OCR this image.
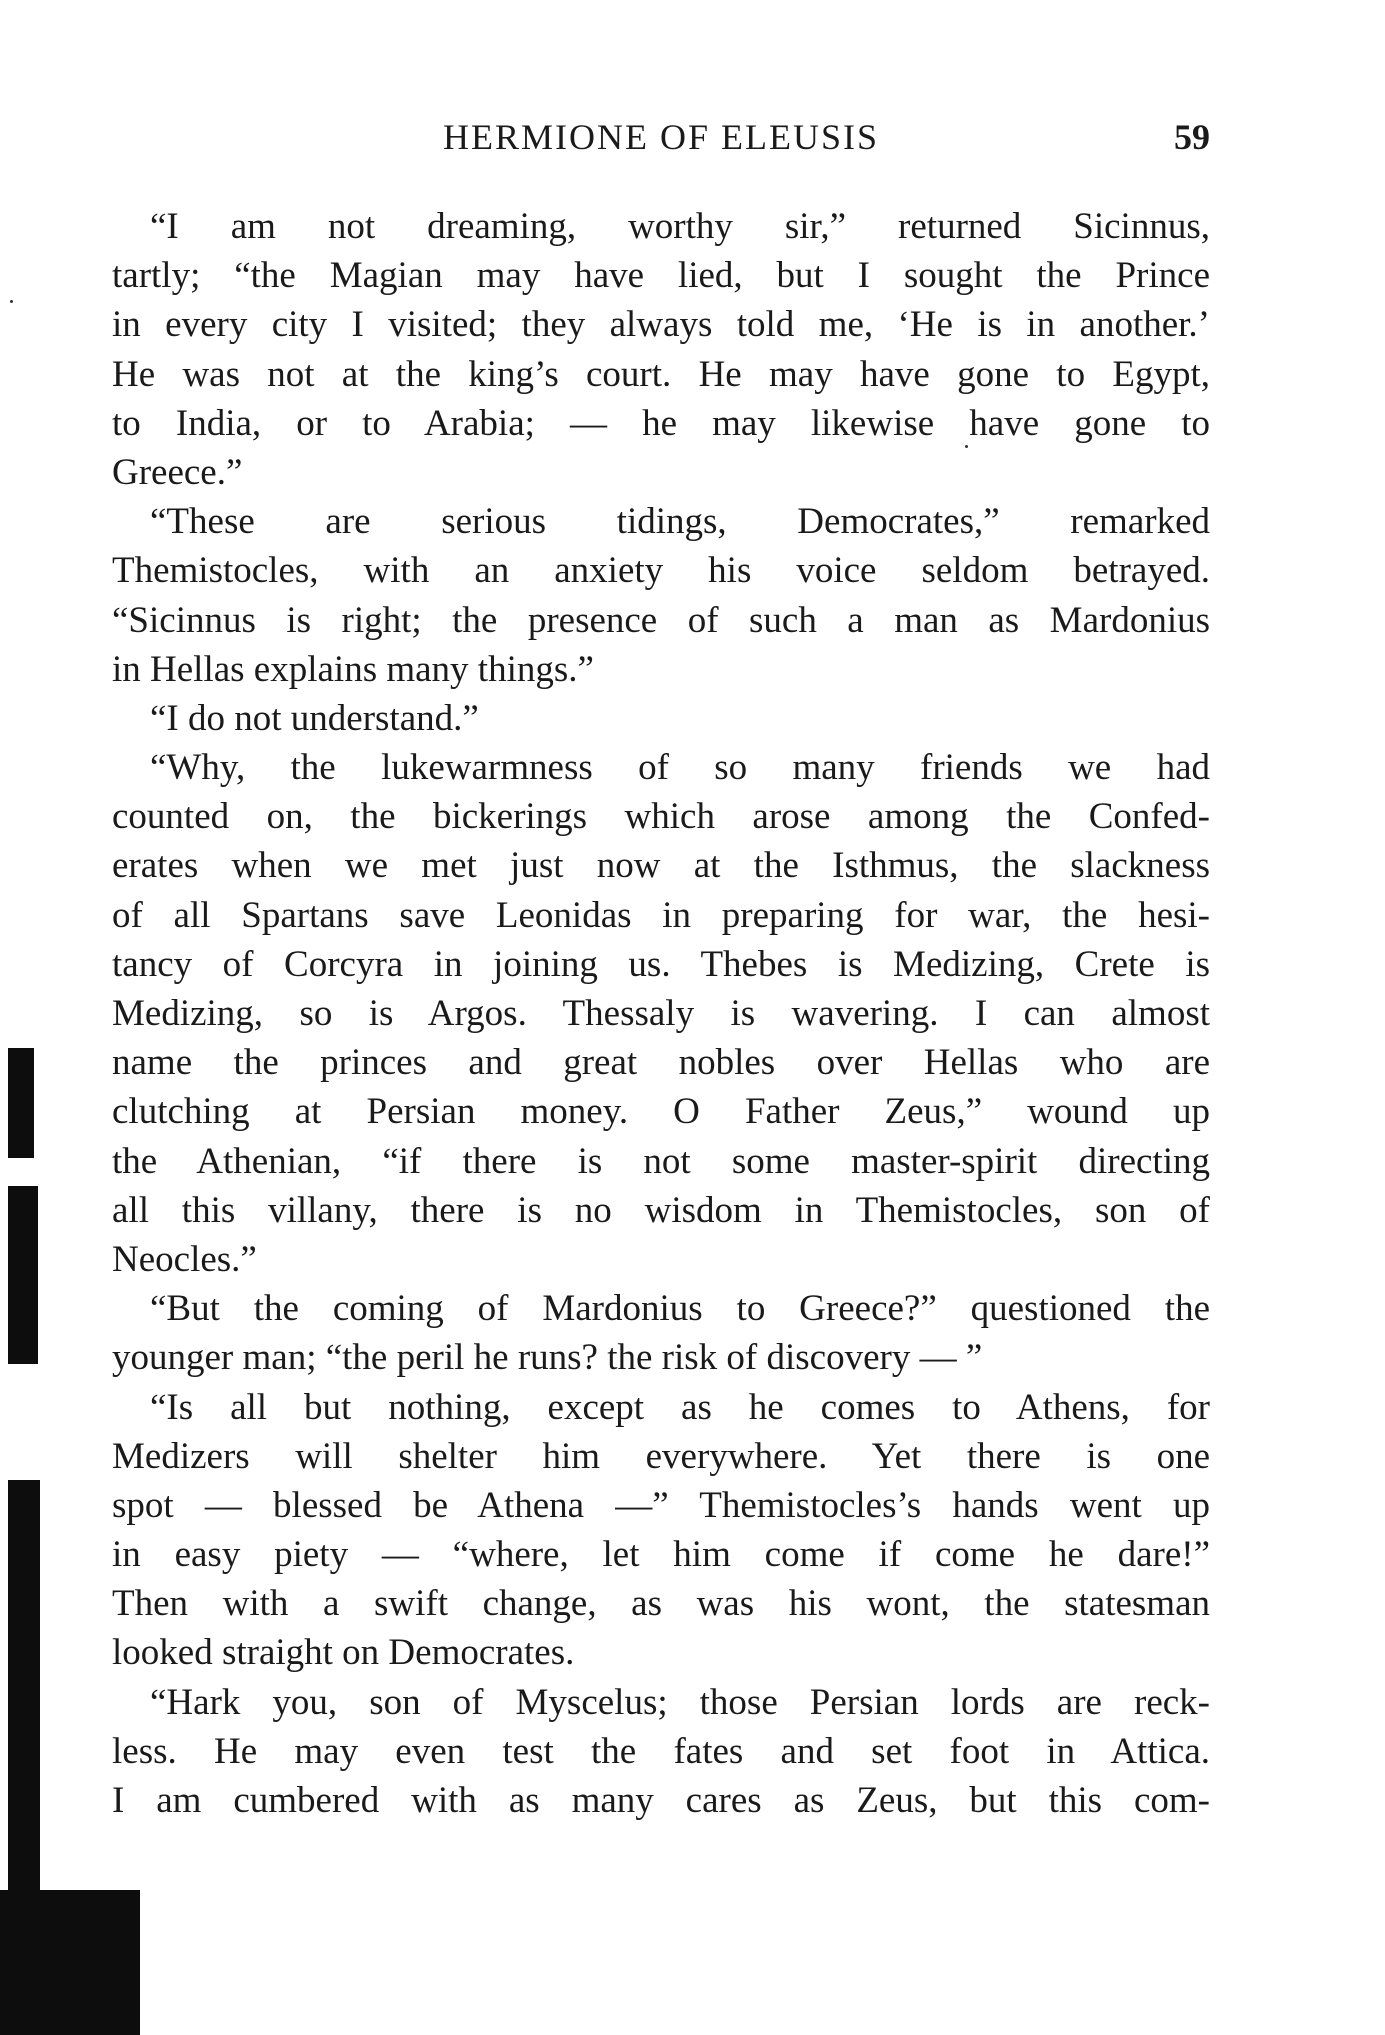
HERMIONE OF ELEUSIS	59
“I am not dreaming, worthy sir,” returned Sicinnus,
tartly; “the Magian may have lied, but I sought the Prince
in every city I visited; they always told me, ‘He is in another.’
He was not at the king’s court. He may have gone to Egypt,
to India, or to Arabia; — he may likewise have gone to
Greece.”
“These are serious tidings, Democrates,” remarked
Themistocles, with an anxiety his voice seldom betrayed.
“Sicinnus is right; the presence of such a man as Mardonius
in Hellas explains many things.”
“I do not understand.”
“Why, the lukewarmness of so many friends we had
counted on, the bickerings which arose among the Confed-
erates when we met just now at the Isthmus, the slackness
of all Spartans save Leonidas in preparing for war, the hesi-
tancy of Corcyra in joining us. Thebes is Medizing, Crete is
Medizing, so is Argos. Thessaly is wavering. I can almost
name the princes and great nobles over Hellas who are
clutching at Persian money. O Father Zeus,” wound up
the Athenian, “if there is not some master-spirit directing
all this villany, there is no wisdom in Themistocles, son of
Neocles.”
“But the coming of Mardonius to Greece?” questioned the
younger man; “the peril he runs? the risk of discovery — ”
“Is all but nothing, except as he comes to Athens, for
Medizers will shelter him everywhere. Yet there is one
spot — blessed be Athena —” Themistocles’s hands went up
in easy piety — “where, let him come if come he dare!”
Then with a swift change, as was his wont, the statesman
looked straight on Democrates.
“Hark you, son of Myscelus; those Persian lords are reck-
less. He may even test the fates and set foot in Attica.
I am cumbered with as many cares as Zeus, but this com-
